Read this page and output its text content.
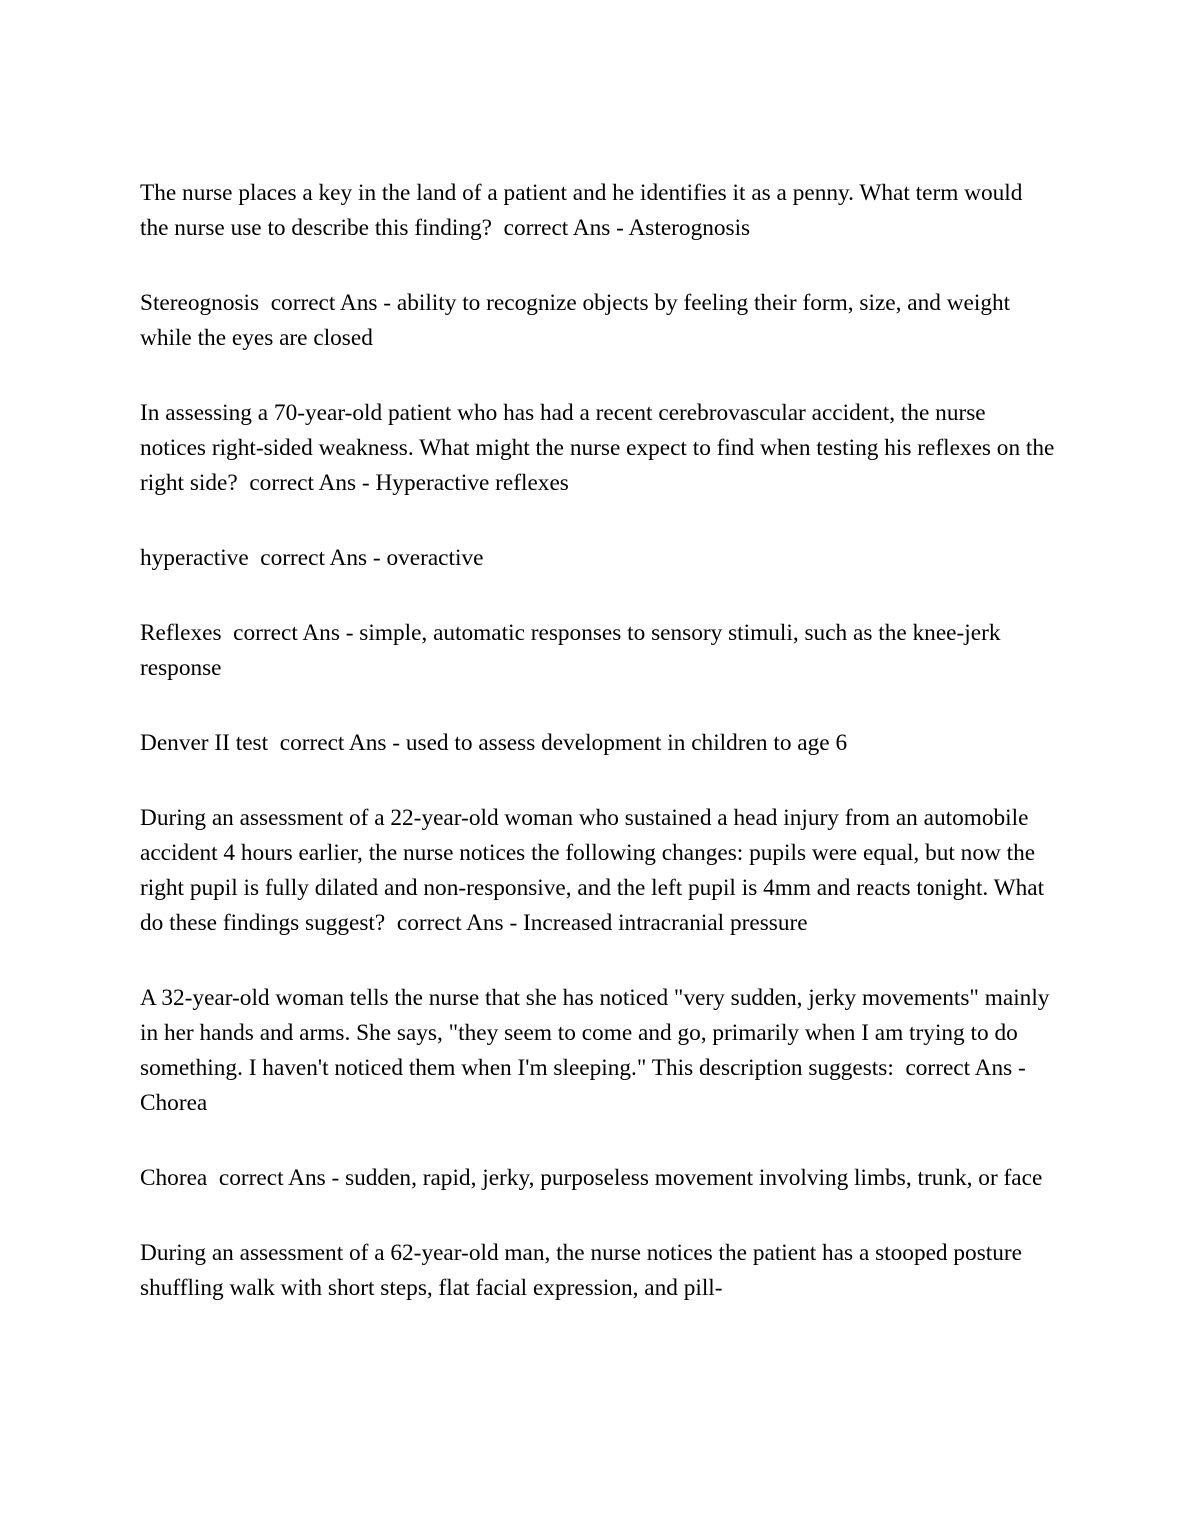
The nurse places a key in the land of a patient and he identifies it as a penny. What term would the nurse use to describe this finding?  correct Ans - Asterognosis

Stereognosis  correct Ans - ability to recognize objects by feeling their form, size, and weight while the eyes are closed

In assessing a 70-year-old patient who has had a recent cerebrovascular accident, the nurse notices right-sided weakness. What might the nurse expect to find when testing his reflexes on the right side?  correct Ans - Hyperactive reflexes

hyperactive  correct Ans - overactive

Reflexes  correct Ans - simple, automatic responses to sensory stimuli, such as the knee-jerk response

Denver II test  correct Ans - used to assess development in children to age 6

During an assessment of a 22-year-old woman who sustained a head injury from an automobile accident 4 hours earlier, the nurse notices the following changes: pupils were equal, but now the right pupil is fully dilated and non-responsive, and the left pupil is 4mm and reacts tonight. What do these findings suggest?  correct Ans - Increased intracranial pressure

A 32-year-old woman tells the nurse that she has noticed "very sudden, jerky movements" mainly in her hands and arms. She says, "they seem to come and go, primarily when I am trying to do something. I haven't noticed them when I'm sleeping." This description suggests:  correct Ans - Chorea

Chorea  correct Ans - sudden, rapid, jerky, purposeless movement involving limbs, trunk, or face

During an assessment of a 62-year-old man, the nurse notices the patient has a stooped posture shuffling walk with short steps, flat facial expression, and pill-
